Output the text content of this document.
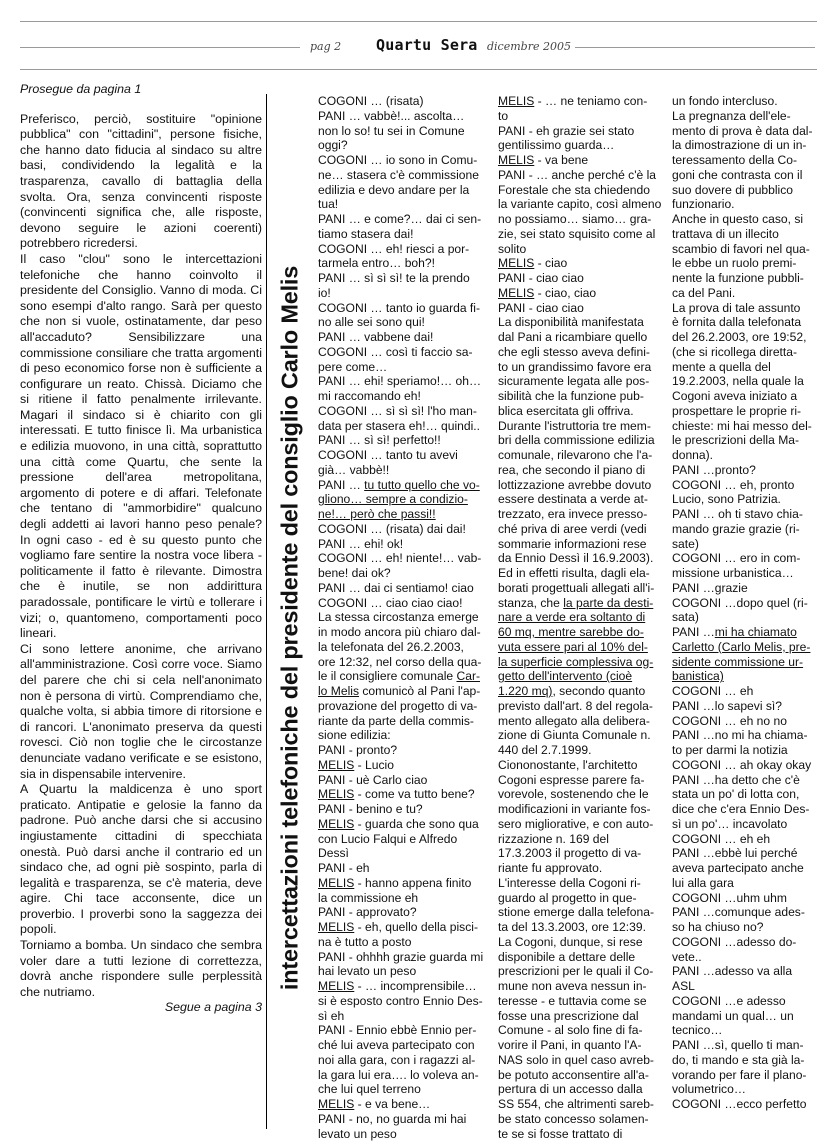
pag 2 Quartu Sera dicembre 2005

Prosegue da pagina 1

Preferisco, perciò, sostituire "opinione pubblica" con "cittadini", persone fisiche, che hanno dato fiducia al sindaco su altre basi, condividendo la legalità e la trasparenza, cavallo di battaglia della svolta. Ora, senza convincenti risposte (convincenti significa che, alle risposte, devono seguire le azioni coerenti) potrebbero ricredersi.

Il caso "clou" sono le intercettazioni telefoniche che hanno coinvolto il presidente del Consiglio. Vanno di moda. Ci sono esempi d'alto rango. Sarà per questo che non si vuole, ostinatamente, dar peso all'accaduto? Sensibilizzare una commissione consiliare che tratta argomenti di peso economico forse non è sufficiente a configurare un reato. Chissà. Diciamo che si ritiene il fatto penalmente irrilevante. Magari il sindaco si è chiarito con gli interessati. E tutto finisce lì. Ma urbanistica e edilizia muovono, in una città, soprattutto una città come Quartu, che sente la pressione dell'area metropolitana, argomento di potere e di affari. Telefonate che tentano di "ammorbidire" qualcuno degli addetti ai lavori hanno peso penale? In ogni caso - ed è su questo punto che vogliamo fare sentire la nostra voce libera - politicamente il fatto è rilevante. Dimostra che è inutile, se non addirittura paradossale, pontificare le virtù e tollerare i vizi; o, quantomeno, comportamenti poco lineari.

Ci sono lettere anonime, che arrivano all'amministrazione. Così corre voce. Siamo del parere che chi si cela nell'anonimato non è persona di virtù. Comprendiamo che, qualche volta, si abbia timore di ritorsione e di rancori. L'anonimato preserva da questi rovesci. Ciò non toglie che le circostanze denunciate vadano verificate e se esistono, sia in dispensabile intervenire.

A Quartu la maldicenza è uno sport praticato. Antipatie e gelosie la fanno da padrone. Può anche darsi che si accusino ingiustamente cittadini di specchiata onestà. Può darsi anche il contrario ed un sindaco che, ad ogni piè sospinto, parla di legalità e trasparenza, se c'è materia, deve agire. Chi tace acconsente, dice un proverbio. I proverbi sono la saggezza dei popoli.

Torniamo a bomba. Un sindaco che sembra voler dare a tutti lezione di correttezza, dovrà anche rispondere sulle perplessità che nutriamo.

Segue a pagina 3

intercettazioni telefoniche del presidente del consiglio Carlo Melis
COGONI … (risata)
PANI … vabbè!... ascolta…
non lo so! tu sei in Comune
oggi?
COGONI … io sono in Comu-
ne… stasera c'è commissione
edilizia e devo andare per la
tua!
PANI … e come?… dai ci sen-
tiamo stasera dai!
COGONI … eh! riesci a por-
tarmela entro… boh?!
PANI … sì sì sì! te la prendo
io!
COGONI … tanto io guarda fi-
no alle sei sono qui!
PANI … vabbene dai!
COGONI … così ti faccio sa-
pere come…
PANI … ehi! speriamo!… oh…
mi raccomando eh!
COGONI … sì sì sì! l'ho man-
data per stasera eh!… quindi..
PANI … sì sì! perfetto!!
COGONI … tanto tu avevi
già… vabbè!!
PANI … tu tutto quello che vo-
gliono… sempre a condizio-
ne!… però che passi!!
COGONI … (risata) dai dai!
PANI … ehi! ok!
COGONI … eh! niente!… vab-
bene! dai ok?
PANI … dai ci sentiamo! ciao
COGONI … ciao ciao ciao!
La stessa circostanza emerge
in modo ancora più chiaro dal-
la telefonata del 26.2.2003,
ore 12:32, nel corso della qua-
le il consigliere comunale Car-
lo Melis comunicò al Pani l'ap-
provazione del progetto di va-
riante da parte della commis-
sione edilizia:
PANI - pronto?
MELIS - Lucio
PANI - uè Carlo ciao
MELIS - come va tutto bene?
PANI - benino e tu?
MELIS - guarda che sono qua
con Lucio Falqui e Alfredo
Dessì
PANI - eh
MELIS - hanno appena finito
la commissione eh
PANI - approvato?
MELIS - eh, quello della pisci-
na è tutto a posto
PANI - ohhhh grazie guarda mi
hai levato un peso
MELIS - … incomprensibile…
si è esposto contro Ennio Des-
sì eh
PANI - Ennio ebbè Ennio per-
ché lui aveva partecipato con
noi alla gara, con i ragazzi al-
la gara lui era…. lo voleva an-
che lui quel terreno
MELIS - e va bene…
PANI - no, no guarda mi hai
levato un peso
MELIS - … ne teniamo con-
to
PANI - eh grazie sei stato
gentilissimo guarda…
MELIS - va bene
PANI - … anche perché c'è la
Forestale che sta chiedendo
la variante capito, così almeno
no possiamo… siamo… gra-
zie, sei stato squisito come al
solito
MELIS - ciao
PANI - ciao ciao
MELIS - ciao, ciao
PANI - ciao ciao
La disponibilità manifestata
dal Pani a ricambiare quello
che egli stesso aveva defini-
to un grandissimo favore era
sicuramente legata alle pos-
sibilità che la funzione pub-
blica esercitata gli offriva.
Durante l'istruttoria tre mem-
bri della commissione edilizia
comunale, rilevarono che l'a-
rea, che secondo il piano di
lottizzazione avrebbe dovuto
essere destinata a verde at-
trezzato, era invece presso-
ché priva di aree verdi (vedi
sommarie informazioni rese
da Ennio Dessì il 16.9.2003).
Ed in effetti risulta, dagli ela-
borati progettuali allegati all'i-
stanza, che la parte da desti-
nare a verde era soltanto di
60 mq, mentre sarebbe do-
vuta essere pari al 10% del-
la superficie complessiva og-
getto dell'intervento (cioè
1.220 mq), secondo quanto
previsto dall'art. 8 del regola-
mento allegato alla delibera-
zione di Giunta Comunale n.
440 del 2.7.1999.
Ciononostante, l'architetto
Cogoni espresse parere fa-
vorevole, sostenendo che le
modificazioni in variante fos-
sero migliorative, e con auto-
rizzazione n. 169 del
17.3.2003 il progetto di va-
riante fu approvato.
L'interesse della Cogoni ri-
guardo al progetto in que-
stione emerge dalla telefona-
ta del 13.3.2003, ore 12:39.
La Cogoni, dunque, si rese
disponibile a dettare delle
prescrizioni per le quali il Co-
mune non aveva nessun in-
teresse - e tuttavia come se
fosse una prescrizione dal
Comune - al solo fine di fa-
vorire il Pani, in quanto l'A-
NAS solo in quel caso avreb-
be potuto acconsentire all'a-
pertura di un accesso dalla
SS 554, che altrimenti sareb-
be stato concesso solamen-
te se si fosse trattato di
un fondo intercluso.
La pregnanza dell'ele-
mento di prova è data dal-
la dimostrazione di un in-
teressamento della Co-
goni che contrasta con il
suo dovere di pubblico
funzionario.
Anche in questo caso, si
trattava di un illecito
scambio di favori nel qua-
le ebbe un ruolo premi-
nente la funzione pubbli-
ca del Pani.
La prova di tale assunto
è fornita dalla telefonata
del 26.2.2003, ore 19:52,
(che si ricollega diretta-
mente a quella del
19.2.2003, nella quale la
Cogoni aveva iniziato a
prospettare le proprie ri-
chieste: mi hai messo del-
le prescrizioni della Ma-
donna).
PANI …pronto?
COGONI … eh, pronto
Lucio, sono Patrizia.
PANI … oh ti stavo chia-
mando grazie grazie (ri-
sate)
COGONI … ero in com-
missione urbanistica…
PANI …grazie
COGONI …dopo quel (ri-
sata)
PANI …mi ha chiamato
Carletto (Carlo Melis, pre-
sidente commissione ur-
banistica)
COGONI … eh
PANI …lo sapevi sì?
COGONI … eh no no
PANI …no mi ha chiama-
to per darmi la notizia
COGONI … ah okay okay
PANI …ha detto che c'è
stata un po' di lotta con,
dice che c'era Ennio Des-
sì un po'… incavolato
COGONI … eh eh
PANI …ebbè lui perché
aveva partecipato anche
lui alla gara
COGONI …uhm uhm
PANI …comunque ades-
so ha chiuso no?
COGONI …adesso do-
vete..
PANI …adesso va alla
ASL
COGONI …e adesso
mandami un qual… un
tecnico…
PANI …sì, quello ti man-
do, ti mando e sta già la-
vorando per fare il plano-
volumetrico…
COGONI …ecco perfetto
